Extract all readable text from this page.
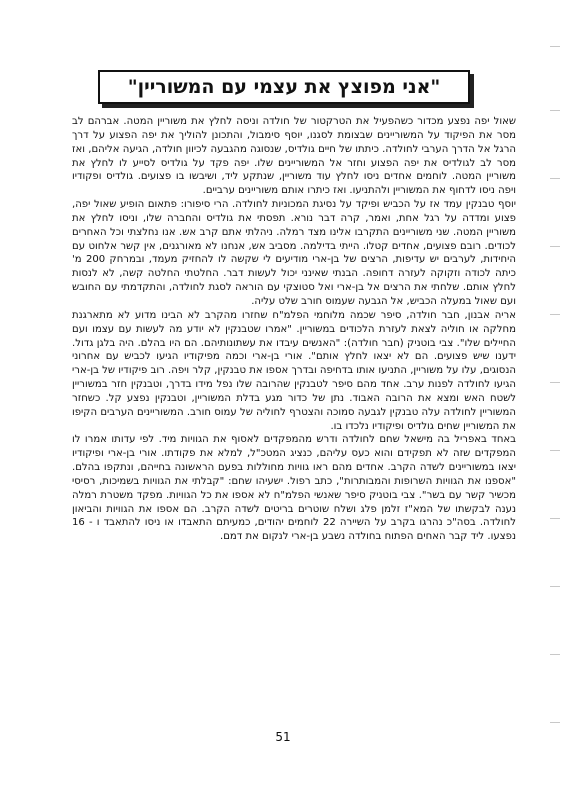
"אני מפוצץ את עצמי עם המשוריין"

שאול יפה נפצע מכדור כשהפעיל את הטרקטור של חולדה וניסה לחלץ את משוריין המטה. אברהם לב מסר את הפיקוד על המשוריינים שבצומת לסגנו, יוסף סימבול, והתכונן להוליך את יפה הפצוע על דרך הרגל אל הדרך הערבי לחולדה. כיתתו של חיים גולדיס, שנסוגה מהגבעה לכיוון חולדה, הגיעה אליהם, ואז מסר לב לגולדיס את יפה הפצוע וחזר אל המשוריינים שלו. יפה פקד על גולדיס לסייע לו לחלץ את משוריין המטה. לוחמים אחדים ניסו לחלץ עוד משוריין, שנתקע ליד, ושיבשו בו פצועים. גולדיס ופקודיו ויפה ניסו לדחוף את המשוריין ולהתניעו. ואז כיתרו אותם משוריינים ערביים.

יוסף טבנקין עמד אז על הכביש ופיקד על נסיגת המכוניות לחולדה. הרי סיפורו: פתאום הופיע שאול יפה, פצוע ומדדה על רגל אחת, ואמר, קרה דבר נורא. תפסתי את גולדיס והחברה שלו, וניסו לחלץ את משוריין המטה. שני משוריינים התקרבו אלינו מצד רמלה. ניהלתי אתם קרב אש. אנו נחלצתי וכל האחרים לכודים. רובם פצועים, אחדים קטלו. הייתי בדילמה. מסביב אש, אנחנו לא מאורגנים, אין קשר אלחוט עם היחידות, לערבים יש עדיפות, הרצים של בן-ארי מודיעים לי שקשה לו להחזיק מעמד, ובמרחק 200 מ' כיתה לכודה וזקוקה לעזרה דחופה. הבנתי שאינני יכול לעשות דבר. החלטתי החלטה קשה, לא לנסות לחלץ אותם. שלחתי את הרצים אל בן-ארי ואל סטוצקי עם הוראה לסגת לחולדה, והתקדמתי עם החובש ועם שאול במעלה הכביש, אל הגבעה שעמוס חורב שלט עליה.

אריה אבנון, חבר חולדה, סיפר שכמה מלוחמי הפלמ"ח שחזרו מהקרב לא הבינו מדוע לא מתארגנת מחלקה או חוליה לצאת לעזרת הלכודים במשוריין. "אמרו שטבנקין לא יודע מה לעשות עם עצמו ועם החיילים שלו". צבי בוטניק (חבר חולדה): "האנשים עיבדו את עשתונותיהם. הם היו בהלם. היה בלגן גדול. ידענו שיש פצועים. הם לא יצאו לחלץ אותם". אורי בן-ארי וכמה מפיקודיו הגיעו לכביש עם אחרוני הנסוגים, עלו על משוריין, התניעו אותו בדחיפה ובדרך אספו את טבנקין, קלר ויפה. רוב פיקודיו של בן-ארי הגיעו לחולדה לפנות ערב. אחד מהם סיפר לטבנקין שהרובה שלו נפל מידו בדרך, וטבנקין חזר במשוריין לשטח האש ומצא את הרובה האבוד. נתן של כדור מגע בדלת המשוריין, וטבנקין נפצע קל. כשחזר המשוריין לחולדה עלה טבנקין לגבעה סמוכה והצטרף לחוליה של עמוס חורב. המשוריינים הערבים הקיפו את המשוריין שחים גולדיס ופיקודיו נלכדו בו.

באחד באפריל בה מישאל שחם לחולדה ודרש מהמפקדים לאסוף את הגוויות מיד. לפי עדותו אמרו לו המפקדים שזה לא תפקידם והוא כעס עליהם, כנציג המטכ"ל, למלא את פקודתו. אורי בן-ארי ופיקודיו יצאו במשוריינים לשדה הקרב. אחדים מהם ראו גוויות מחוללות בפעם הראשונה בחייהם, ונתקפו בהלם. "אספנו את הגוויות השרופות והמבותרות", כתב רפול. ישעיהו שחם: "קבלתי את הגוויות בשמיכות, רסיסי מכשיר קשר עם בשר". צבי בוטניק סיפר שאנשי הפלמ"ח לא אספו את כל הגוויות. מפקד משטרת רמלה נענה לבקשתו של המא"ז זלמן פלג ושלח שוטרים בריטים לשדה הקרב. הם אספו את הגוויות והביאון לחולדה. בסה"כ נהרגו בקרב על השיירה 22 לוחמים יהודים, כמעיתם התאבדו או ניסו להתאבד ו - 16 נפצעו. ליד קבר האחים הפתוח בחולדה נשבע בן-ארי לנקום את דמם.

51
